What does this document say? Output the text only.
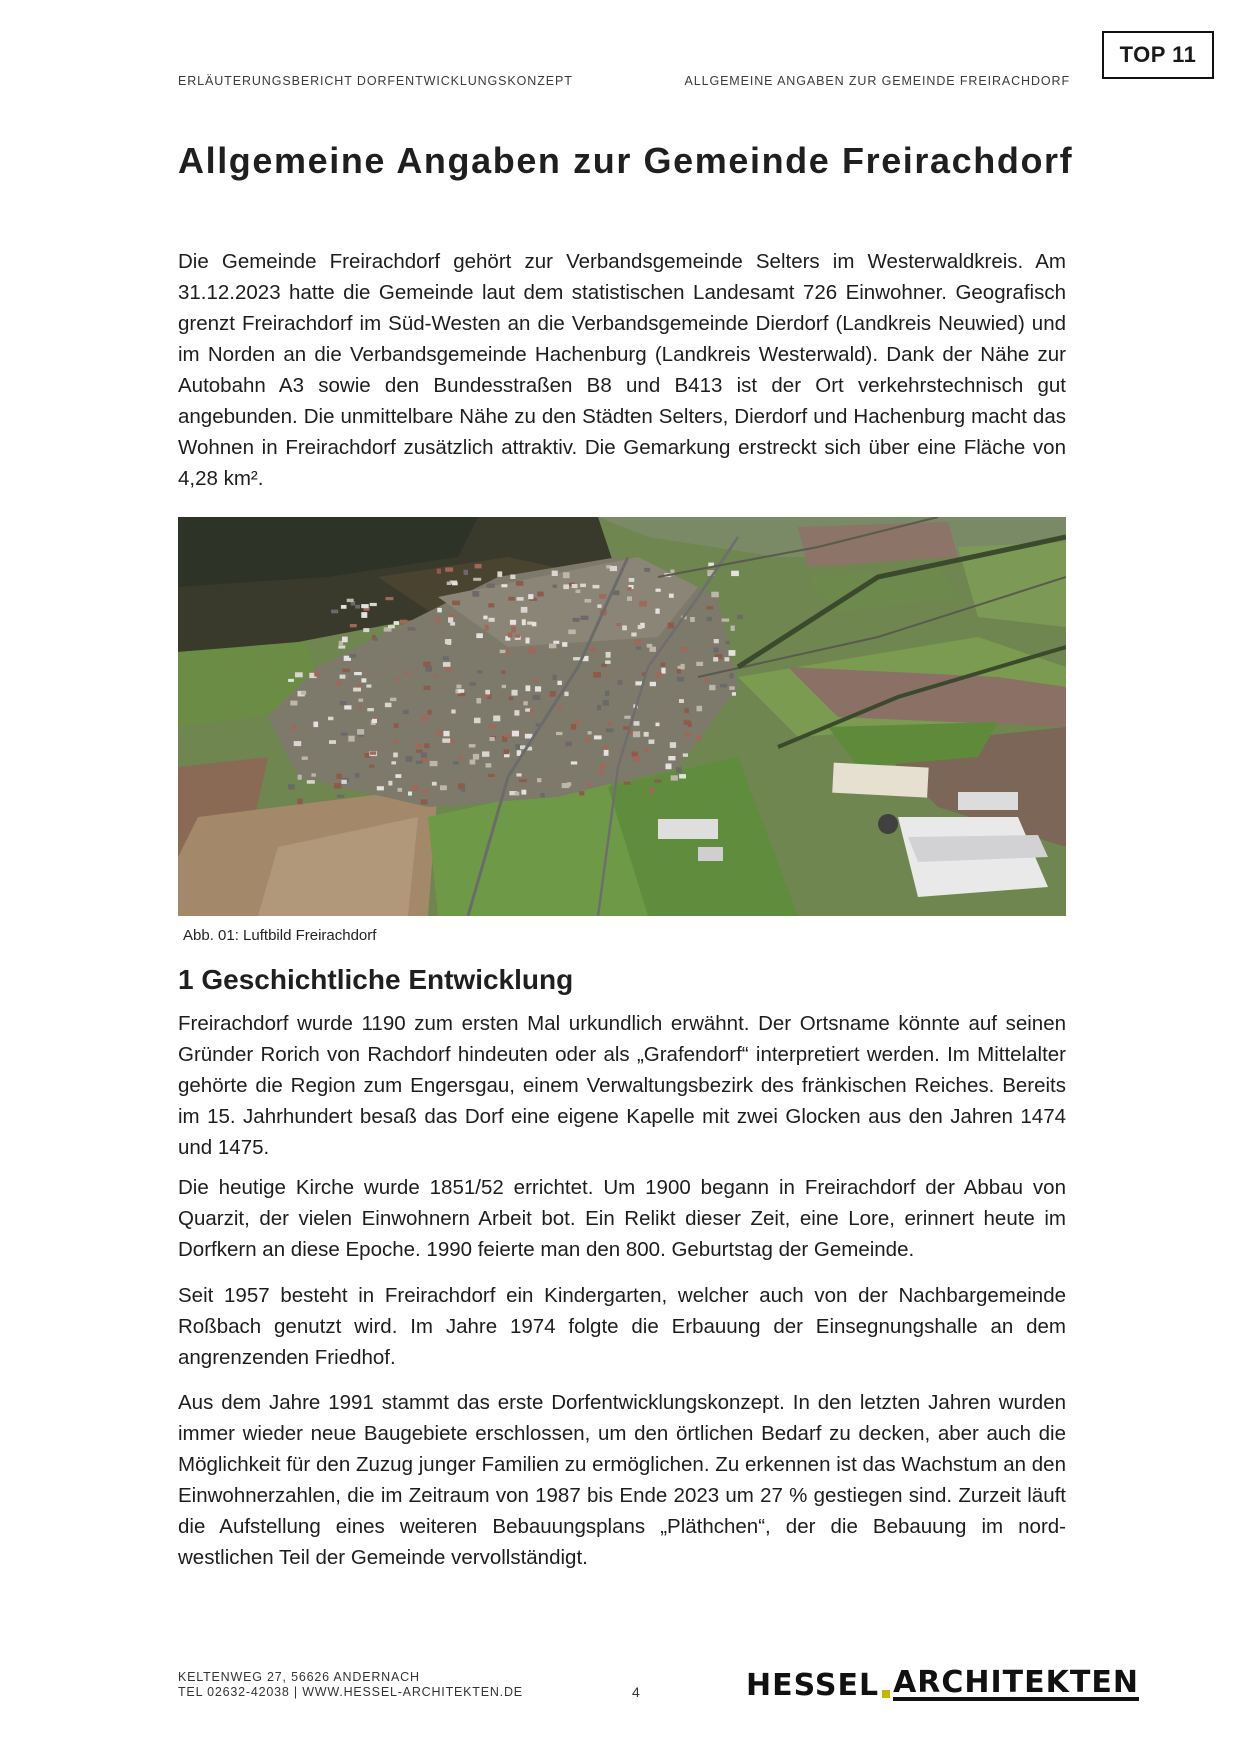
TOP 11
ERLÄUTERUNGSBERICHT DORFENTWICKLUNGSKONZEPT	ALLGEMEINE ANGABEN ZUR GEMEINDE FREIRACHDORF
Allgemeine Angaben zur Gemeinde Freirachdorf

Die Gemeinde Freirachdorf gehört zur Verbandsgemeinde Selters im Westerwaldkreis. Am 31.12.2023 hatte die Gemeinde laut dem statistischen Landesamt 726 Einwohner. Geografisch grenzt Freirachdorf im Süd-Westen an die Verbandsgemeinde Dierdorf (Landkreis Neuwied) und im Norden an die Verbandsgemeinde Hachenburg (Landkreis Westerwald). Dank der Nähe zur Autobahn A3 sowie den Bundesstraßen B8 und B413 ist der Ort verkehrstechnisch gut angebunden. Die unmittelbare Nähe zu den Städten Selters, Dierdorf und Hachenburg macht das Wohnen in Freirachdorf zusätzlich attraktiv. Die Gemarkung erstreckt sich über eine Fläche von 4,28 km².

Abb. 01: Luftbild Freirachdorf
1 Geschichtliche Entwicklung

Freirachdorf wurde 1190 zum ersten Mal urkundlich erwähnt. Der Ortsname könnte auf seinen Gründer Rorich von Rachdorf hindeuten oder als „Grafendorf“ interpretiert werden. Im Mittelalter gehörte die Region zum Engersgau, einem Verwaltungsbezirk des fränkischen Reiches. Bereits im 15. Jahrhundert besaß das Dorf eine eigene Kapelle mit zwei Glocken aus den Jahren 1474 und 1475.

Die heutige Kirche wurde 1851/52 errichtet. Um 1900 begann in Freirachdorf der Abbau von Quarzit, der vielen Einwohnern Arbeit bot. Ein Relikt dieser Zeit, eine Lore, erinnert heute im Dorfkern an diese Epoche. 1990 feierte man den 800. Geburtstag der Gemeinde.

Seit 1957 besteht in Freirachdorf ein Kindergarten, welcher auch von der Nachbargemeinde Roßbach genutzt wird. Im Jahre 1974 folgte die Erbauung der Einsegnungshalle an dem angrenzenden Friedhof.

Aus dem Jahre 1991 stammt das erste Dorfentwicklungskonzept. In den letzten Jahren wurden immer wieder neue Baugebiete erschlossen, um den örtlichen Bedarf zu decken, aber auch die Möglichkeit für den Zuzug junger Familien zu ermöglichen. Zu erkennen ist das Wachstum an den Einwohnerzahlen, die im Zeitraum von 1987 bis Ende 2023 um 27 % gestiegen sind. Zurzeit läuft die Aufstellung eines weiteren Bebauungsplans „Pläthchen“, der die Bebauung im nord-westlichen Teil der Gemeinde vervollständigt.

KELTENWEG 27, 56626 ANDERNACH
TEL 02632-42038 | WWW.HESSEL-ARCHITEKTEN.DE	4	HESSEL ARCHITEKTEN
